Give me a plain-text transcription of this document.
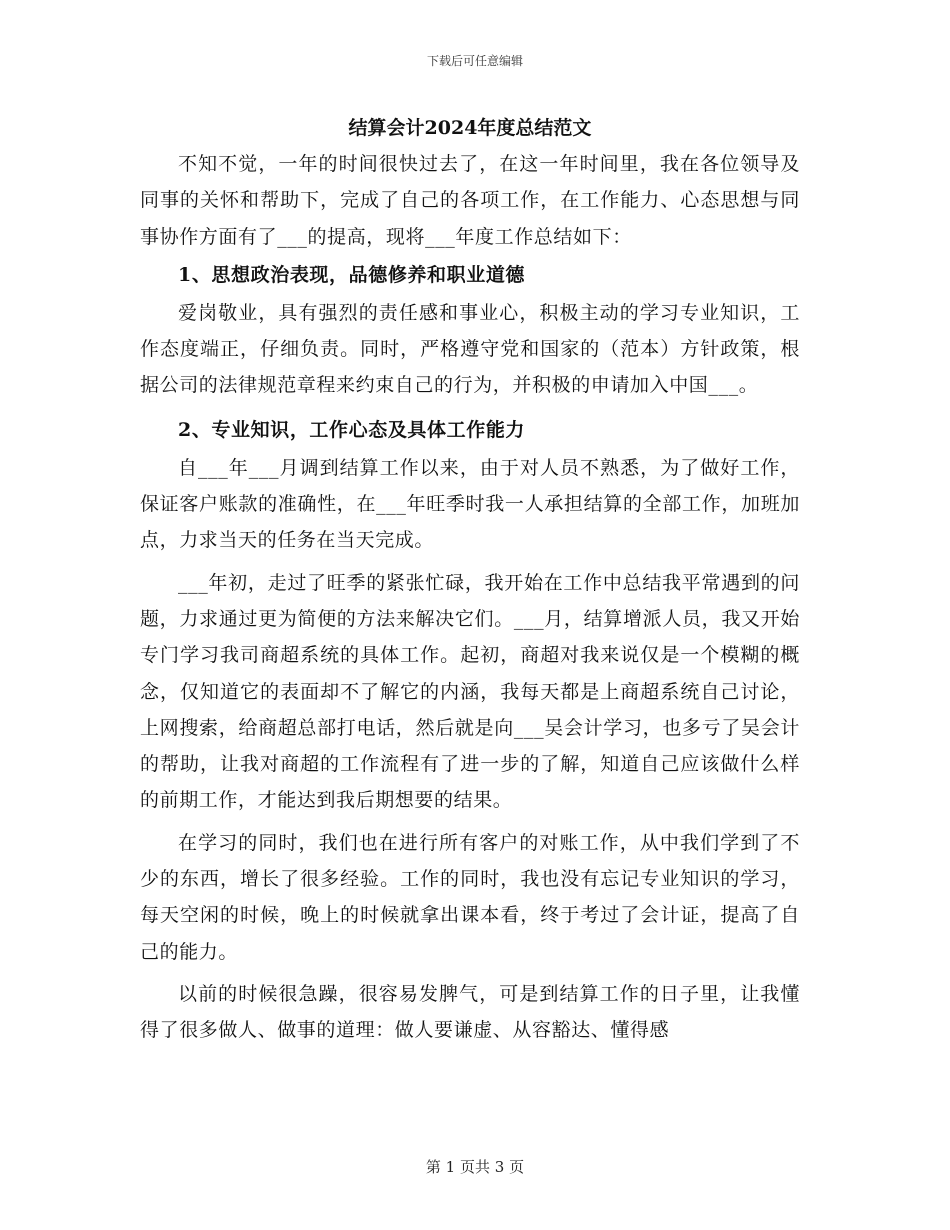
下载后可任意编辑
结算会计2024年度总结范文

不知不觉，一年的时间很快过去了，在这一年时间里，我在各位领导及同事的关怀和帮助下，完成了自己的各项工作，在工作能力、心态思想与同事协作方面有了___的提高，现将___年度工作总结如下：

1、思想政治表现，品德修养和职业道德

爱岗敬业，具有强烈的责任感和事业心，积极主动的学习专业知识，工作态度端正，仔细负责。同时，严格遵守党和国家的（范本）方针政策，根据公司的法律规范章程来约束自己的行为，并积极的申请加入中国___。

2、专业知识，工作心态及具体工作能力

自___年___月调到结算工作以来，由于对人员不熟悉，为了做好工作，保证客户账款的准确性，在___年旺季时我一人承担结算的全部工作，加班加点，力求当天的任务在当天完成。

___年初，走过了旺季的紧张忙碌，我开始在工作中总结我平常遇到的问题，力求通过更为简便的方法来解决它们。___月，结算增派人员，我又开始专门学习我司商超系统的具体工作。起初，商超对我来说仅是一个模糊的概念，仅知道它的表面却不了解它的内涵，我每天都是上商超系统自己讨论，上网搜索，给商超总部打电话，然后就是向___吴会计学习，也多亏了吴会计的帮助，让我对商超的工作流程有了进一步的了解，知道自己应该做什么样的前期工作，才能达到我后期想要的结果。

在学习的同时，我们也在进行所有客户的对账工作，从中我们学到了不少的东西，增长了很多经验。工作的同时，我也没有忘记专业知识的学习，每天空闲的时候，晚上的时候就拿出课本看，终于考过了会计证，提高了自己的能力。

以前的时候很急躁，很容易发脾气，可是到结算工作的日子里，让我懂得了很多做人、做事的道理：做人要谦虚、从容豁达、懂得感

第 1 页共 3 页
